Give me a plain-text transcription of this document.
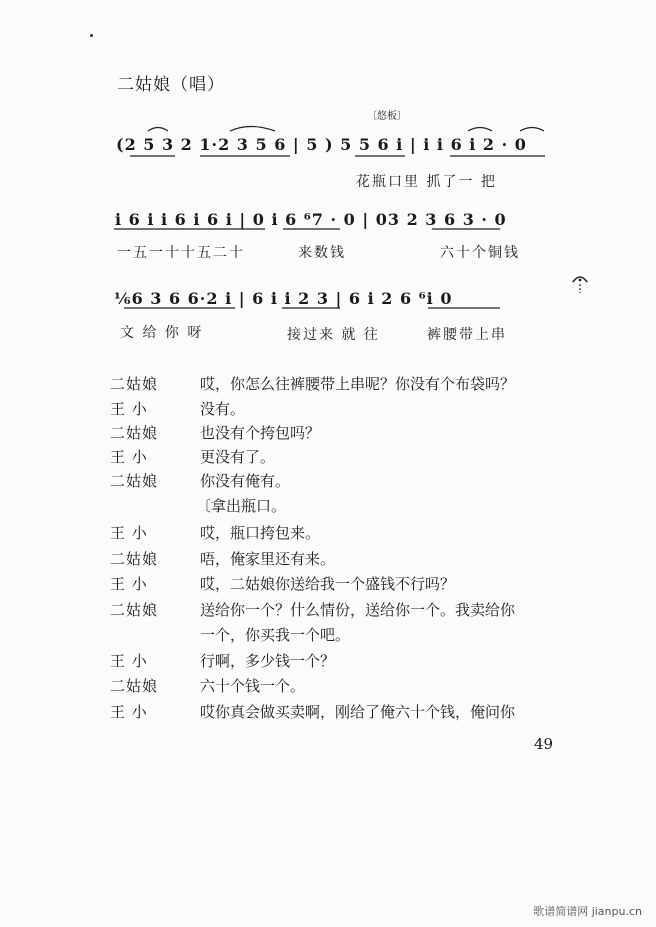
二姑娘（唱）
〔悠板〕
(2 5 3 2 1·2 3 5 6 | 5 ) 5 5 6 i | i i 6 i 2 · 0
花瓶口里 抓了一 把
i 6 i i 6 i 6 i | 0 i 6 ⁶7 · 0 | 03 2 3 6 3 · 0
一五一十十五二十	来数钱	六十个铜钱
⅙6 3 6 6·2 i | 6 i i 2 3 | 6 i 2 6 ⁶i 0
文 给 你 呀	接过来 就 往	裤腰带上串
二姑娘	哎，你怎么往裤腰带上串呢？你没有个布袋吗？
王 小	没有。
二姑娘	也没有个挎包吗？
王 小	更没有了。
二姑娘	你没有俺有。
〔拿出瓶口。
王 小	哎，瓶口挎包来。
二姑娘	唔，俺家里还有来。
王 小	哎，二姑娘你送给我一个盛钱不行吗？
二姑娘	送给你一个？什么情份，送给你一个。我卖给你
一个，你买我一个吧。
王 小	行啊，多少钱一个？
二姑娘	六十个钱一个。
王 小	哎你真会做买卖啊，刚给了俺六十个钱，俺问你
49
歌谱简谱网 jianpu.cn
